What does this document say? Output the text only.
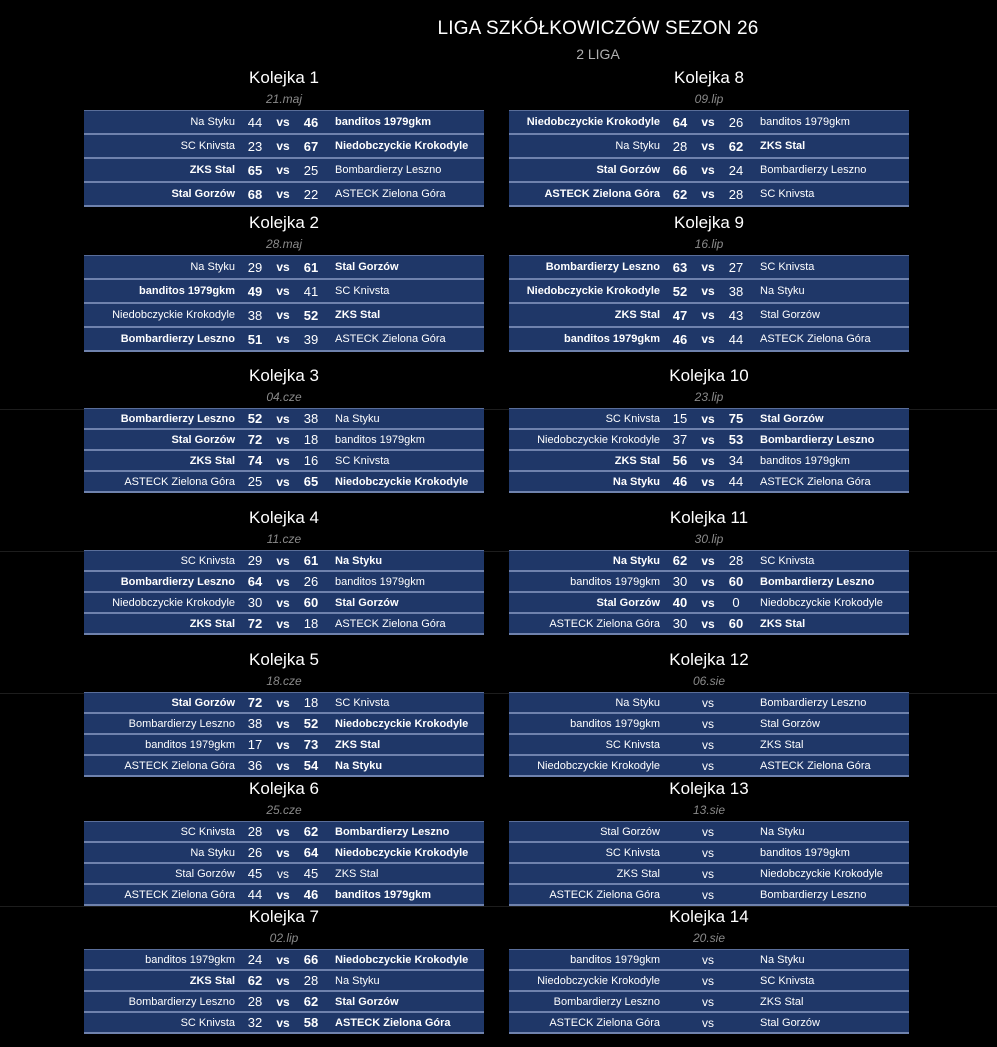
LIGA SZKÓŁKOWICZÓW SEZON 26
2 LIGA
Kolejka 1
21.maj
Na Styku 44	vs	46	banditos 1979gkm
SC Knivsta 23	vs	67	Niedobczyckie Krokodyle
ZKS Stal 65	vs	25	Bombardierzy Leszno
Stal Gorzów 68	vs	22	ASTECK Zielona Góra
Kolejka 8
09.lip
Niedobczyckie Krokodyle 64	vs	26	banditos 1979gkm
Na Styku 28	vs	62	ZKS Stal
Stal Gorzów 66	vs	24	Bombardierzy Leszno
ASTECK Zielona Góra 62	vs	28	SC Knivsta
Kolejka 2
28.maj
Na Styku 29	vs	61	Stal Gorzów
banditos 1979gkm 49	vs	41	SC Knivsta
Niedobczyckie Krokodyle 38	vs	52	ZKS Stal
Bombardierzy Leszno 51	vs	39	ASTECK Zielona Góra
Kolejka 9
16.lip
Bombardierzy Leszno 63	vs	27	SC Knivsta
Niedobczyckie Krokodyle 52	vs	38	Na Styku
ZKS Stal 47	vs	43	Stal Gorzów
banditos 1979gkm 46	vs	44	ASTECK Zielona Góra
Kolejka 3
04.cze
Bombardierzy Leszno 52	vs	38	Na Styku
Stal Gorzów 72	vs	18	banditos 1979gkm
ZKS Stal 74	vs	16	SC Knivsta
ASTECK Zielona Góra 25	vs	65	Niedobczyckie Krokodyle
Kolejka 10
23.lip
SC Knivsta 15	vs	75	Stal Gorzów
Niedobczyckie Krokodyle 37	vs	53	Bombardierzy Leszno
ZKS Stal 56	vs	34	banditos 1979gkm
Na Styku 46	vs	44	ASTECK Zielona Góra
Kolejka 4
11.cze
SC Knivsta 29	vs	61	Na Styku
Bombardierzy Leszno 64	vs	26	banditos 1979gkm
Niedobczyckie Krokodyle 30	vs	60	Stal Gorzów
ZKS Stal 72	vs	18	ASTECK Zielona Góra
Kolejka 11
30.lip
Na Styku 62	vs	28	SC Knivsta
banditos 1979gkm 30	vs	60	Bombardierzy Leszno
Stal Gorzów 40	vs	0	Niedobczyckie Krokodyle
ASTECK Zielona Góra 30	vs	60	ZKS Stal
Kolejka 5
18.cze
Stal Gorzów 72	vs	18	SC Knivsta
Bombardierzy Leszno 38	vs	52	Niedobczyckie Krokodyle
banditos 1979gkm 17	vs	73	ZKS Stal
ASTECK Zielona Góra 36	vs	54	Na Styku
Kolejka 12
06.sie
Na Styku	vs	Bombardierzy Leszno
banditos 1979gkm	vs	Stal Gorzów
SC Knivsta	vs	ZKS Stal
Niedobczyckie Krokodyle	vs	ASTECK Zielona Góra
Kolejka 6
25.cze
SC Knivsta 28	vs	62	Bombardierzy Leszno
Na Styku 26	vs	64	Niedobczyckie Krokodyle
Stal Gorzów 45	vs	45	ZKS Stal
ASTECK Zielona Góra 44	vs	46	banditos 1979gkm
Kolejka 13
13.sie
Stal Gorzów	vs	Na Styku
SC Knivsta	vs	banditos 1979gkm
ZKS Stal	vs	Niedobczyckie Krokodyle
ASTECK Zielona Góra	vs	Bombardierzy Leszno
Kolejka 7
02.lip
banditos 1979gkm 24	vs	66	Niedobczyckie Krokodyle
ZKS Stal 62	vs	28	Na Styku
Bombardierzy Leszno 28	vs	62	Stal Gorzów
SC Knivsta 32	vs	58	ASTECK Zielona Góra
Kolejka 14
20.sie
banditos 1979gkm	vs	Na Styku
Niedobczyckie Krokodyle	vs	SC Knivsta
Bombardierzy Leszno	vs	ZKS Stal
ASTECK Zielona Góra	vs	Stal Gorzów
